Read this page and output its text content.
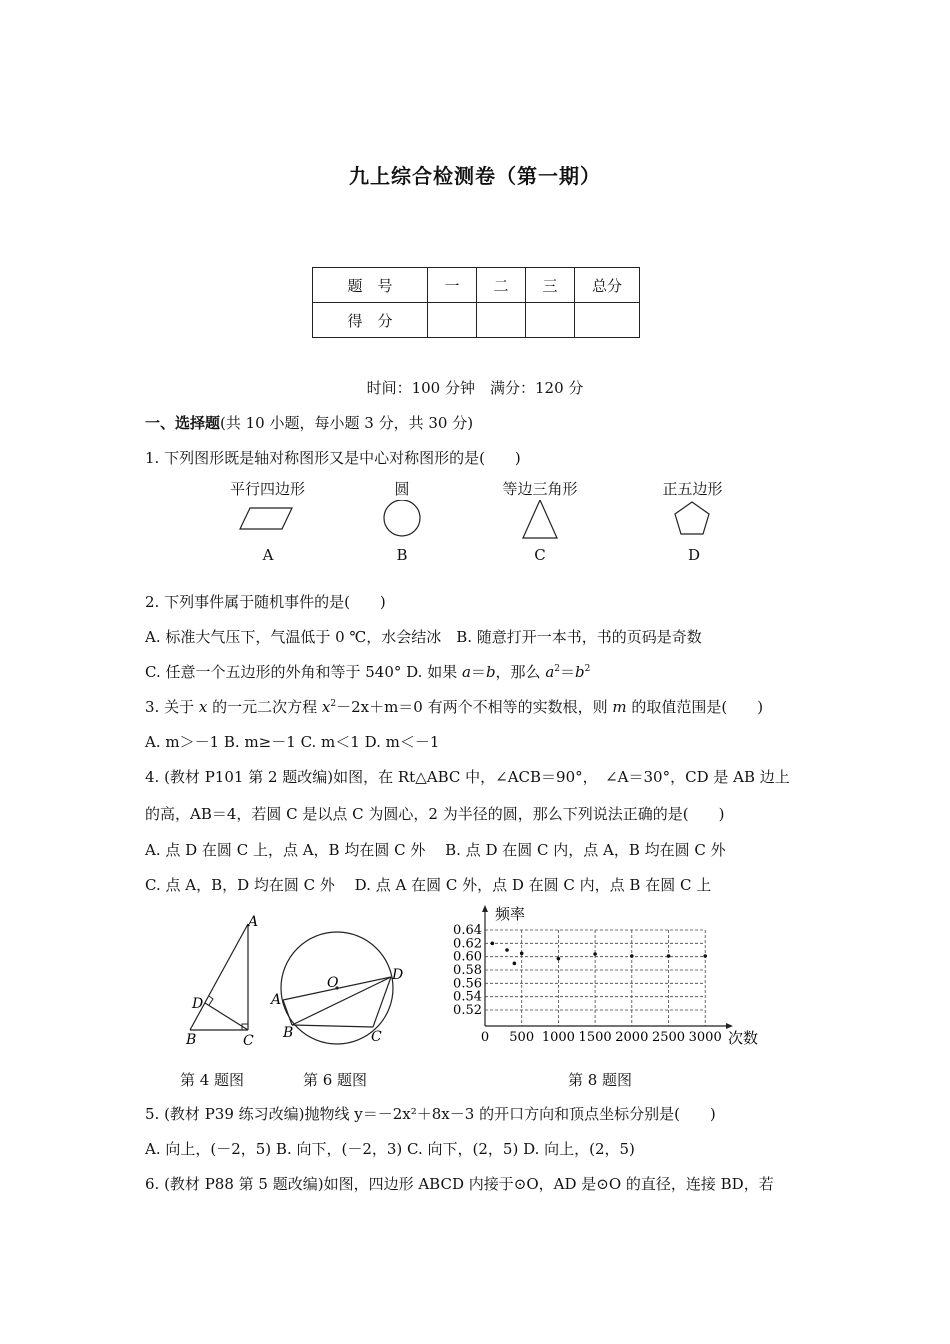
九上综合检测卷（第一期）
题　号	一	二	三	总分
得　分				
时间：100 分钟　满分：120 分
一、选择题(共 10 小题，每小题 3 分，共 30 分)
1. 下列图形既是轴对称图形又是中心对称图形的是(　　)
平行四边形	圆	等边三角形	正五边形
A	B	C	D
2. 下列事件属于随机事件的是(　　)
A. 标准大气压下，气温低于 0 ℃，水会结冰　 B. 随意打开一本书，书的页码是奇数
C. 任意一个五边形的外角和等于 540° D. 如果 a＝b，那么 $a^2=b^2$
3. 关于 x 的一元二次方程 $x^2-2x+m=0$ 有两个不相等的实数根，则 m 的取值范围是(　　)
A. m＞－1 B. m≥－1 C. m＜1 D. m＜－1
4. (教材 P101 第 2 题改编)如图，在 Rt△ABC 中，∠ACB＝90°，　∠A＝30°，CD 是 AB 边上
的高，AB＝4，若圆 C 是以点 C 为圆心，2 为半径的圆，那么下列说法正确的是(　　)
A. 点 D 在圆 C 上，点 A，B 均在圆 C 外　 B. 点 D 在圆 C 内，点 A，B 均在圆 C 外
C. 点 A，B，D 均在圆 C 外　 D. 点 A 在圆 C 外，点 D 在圆 C 内，点 B 在圆 C 上
A
D
B	C
第 4 题图
O	D
A
B	C
第 6 题图
0.64
0.62
0.60
0.58
0.56
0.54
0.52
500 1000 1500 2000 2500 3000
0
频率
次数
第 8 题图
5. (教材 P39 练习改编)抛物线 y＝－2x²＋8x－3 的开口方向和顶点坐标分别是(　　)
A. 向上，(－2，5) B. 向下，(－2，3) C. 向下，(2，5) D. 向上，(2，5)
6. (教材 P88 第 5 题改编)如图，四边形 ABCD 内接于⊙O，AD 是⊙O 的直径，连接 BD，若
